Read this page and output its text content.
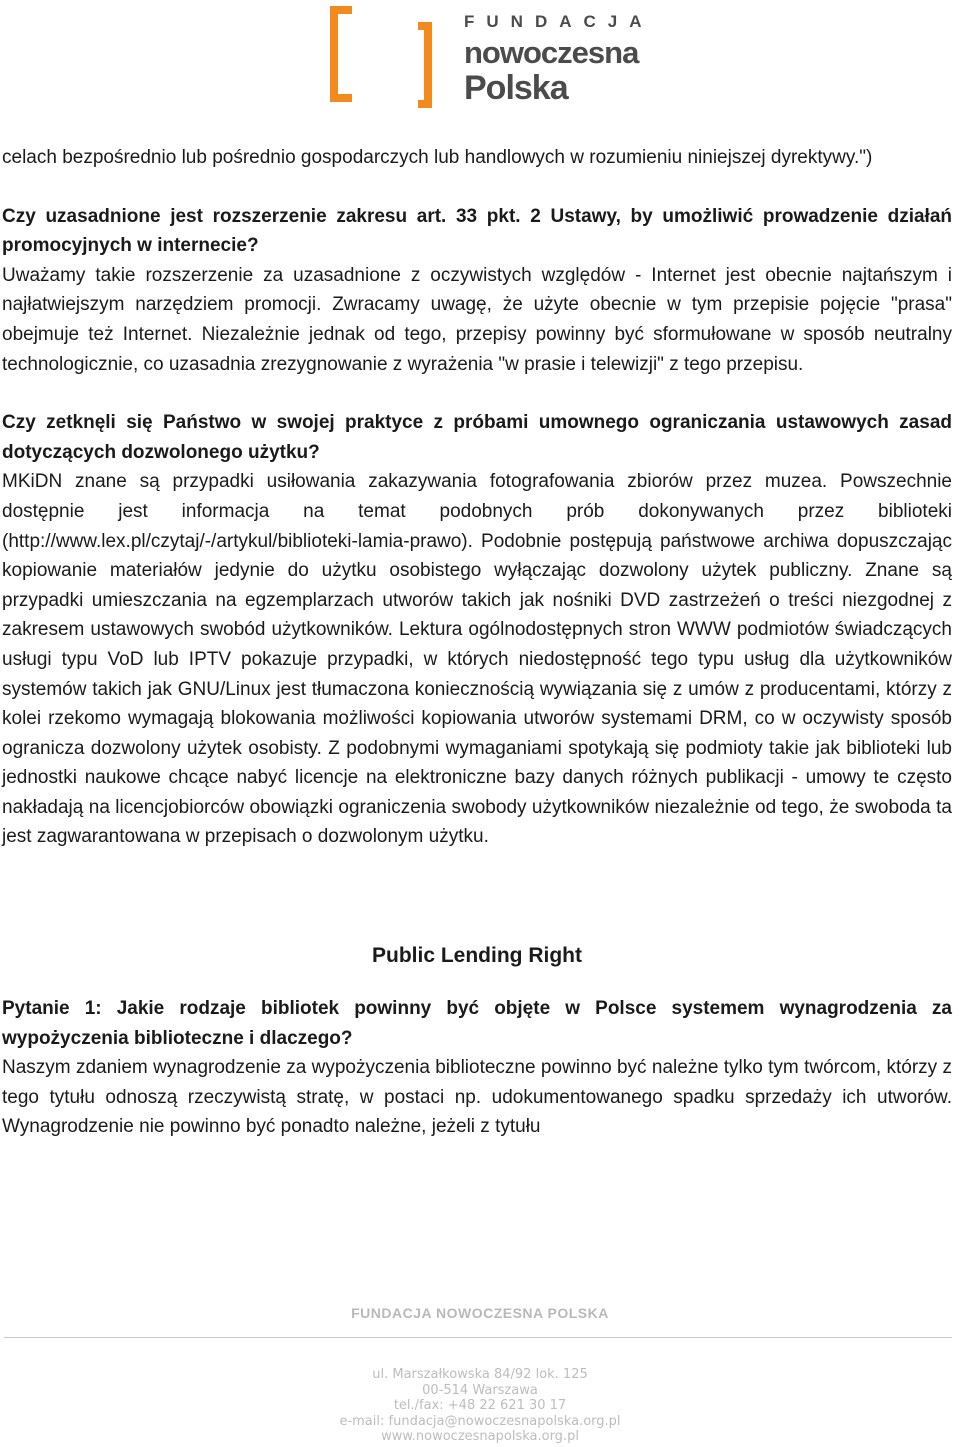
FUNDACJA
nowoczesna
Polska

celach bezpośrednio lub pośrednio gospodarczych lub handlowych w rozumieniu niniejszej dyrektywy.")

Czy uzasadnione jest rozszerzenie zakresu art. 33 pkt. 2 Ustawy, by umożliwić prowadzenie działań promocyjnych w internecie?

Uważamy takie rozszerzenie za uzasadnione z oczywistych względów - Internet jest obecnie najtańszym i najłatwiejszym narzędziem promocji. Zwracamy uwagę, że użyte obecnie w tym przepisie pojęcie "prasa" obejmuje też Internet. Niezależnie jednak od tego, przepisy powinny być sformułowane w sposób neutralny technologicznie, co uzasadnia zrezygnowanie z wyrażenia "w prasie i telewizji" z tego przepisu.

Czy zetknęli się Państwo w swojej praktyce z próbami umownego ograniczania ustawowych zasad dotyczących dozwolonego użytku?

MKiDN znane są przypadki usiłowania zakazywania fotografowania zbiorów przez muzea. Powszechnie dostępnie jest informacja na temat podobnych prób dokonywanych przez biblioteki (http://www.lex.pl/czytaj/-/artykul/biblioteki-lamia-prawo). Podobnie postępują państwowe archiwa dopuszczając kopiowanie materiałów jedynie do użytku osobistego wyłączając dozwolony użytek publiczny. Znane są przypadki umieszczania na egzemplarzach utworów takich jak nośniki DVD zastrzeżeń o treści niezgodnej z zakresem ustawowych swobód użytkowników. Lektura ogólnodostępnych stron WWW podmiotów świadczących usługi typu VoD lub IPTV pokazuje przypadki, w których niedostępność tego typu usług dla użytkowników systemów takich jak GNU/Linux jest tłumaczona koniecznością wywiązania się z umów z producentami, którzy z kolei rzekomo wymagają blokowania możliwości kopiowania utworów systemami DRM, co w oczywisty sposób ogranicza dozwolony użytek osobisty. Z podobnymi wymaganiami spotykają się podmioty takie jak biblioteki lub jednostki naukowe chcące nabyć licencje na elektroniczne bazy danych różnych publikacji - umowy te często nakładają na licencjobiorców obowiązki ograniczenia swobody użytkowników niezależnie od tego, że swoboda ta jest zagwarantowana w przepisach o dozwolonym użytku.

Public Lending Right

Pytanie 1: Jakie rodzaje bibliotek powinny być objęte w Polsce systemem wynagrodzenia za wypożyczenia biblioteczne i dlaczego?

Naszym zdaniem wynagrodzenie za wypożyczenia biblioteczne powinno być należne tylko tym twórcom, którzy z tego tytułu odnoszą rzeczywistą stratę, w postaci np. udokumentowanego spadku sprzedaży ich utworów. Wynagrodzenie nie powinno być ponadto należne, jeżeli z tytułu

FUNDACJA NOWOCZESNA POLSKA

ul. Marszałkowska 84/92 lok. 125

00-514 Warszawa

tel./fax: +48 22 621 30 17

e-mail: fundacja@nowoczesnapolska.org.pl

www.nowoczesnapolska.org.pl
